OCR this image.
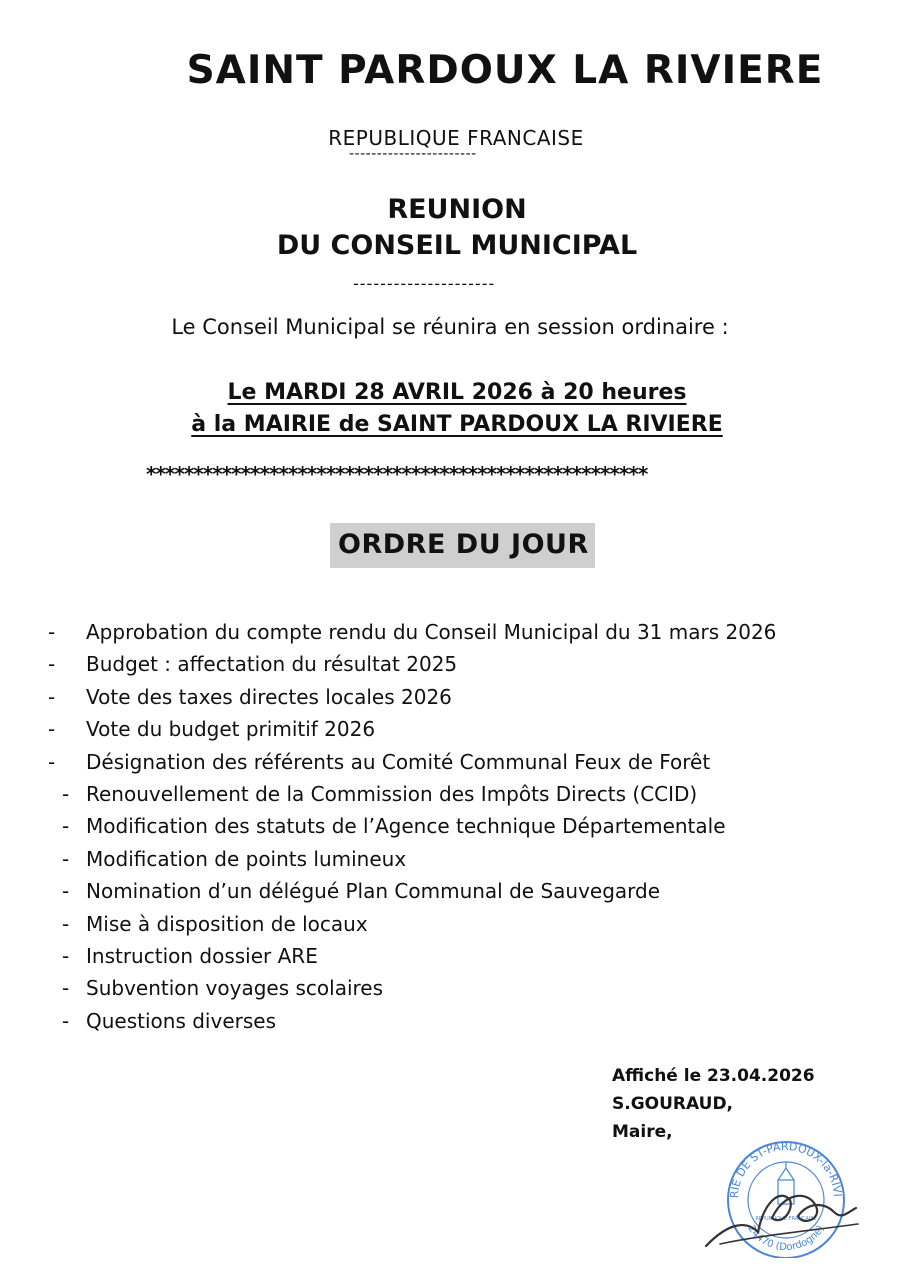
SAINT PARDOUX LA RIVIERE
REPUBLIQUE FRANCAISE
-----------------------
REUNION
DU CONSEIL MUNICIPAL
---------------------
Le Conseil Municipal se réunira en session ordinaire :
Le MARDI 28 AVRIL 2026 à 20 heures
à la MAIRIE de SAINT PARDOUX LA RIVIERE
*****************************************************
ORDRE DU JOUR
- Approbation du compte rendu du Conseil Municipal du 31 mars 2026
- Budget : affectation du résultat 2025
- Vote des taxes directes locales 2026
- Vote du budget primitif 2026
- Désignation des référents au Comité Communal Feux de Forêt
- Renouvellement de la Commission des Impôts Directs (CCID)
- Modification des statuts de l’Agence technique Départementale
- Modification de points lumineux
- Nomination d’un délégué Plan Communal de Sauvegarde
- Mise à disposition de locaux
- Instruction dossier ARE
- Subvention voyages scolaires
- Questions diverses
Affiché le 23.04.2026
S.GOURAUD,
Maire,
RIE DE ST-PARDOUX-la-RIVI
24470 (Dordogne)
REPUBLIQUE FRANCAISE
